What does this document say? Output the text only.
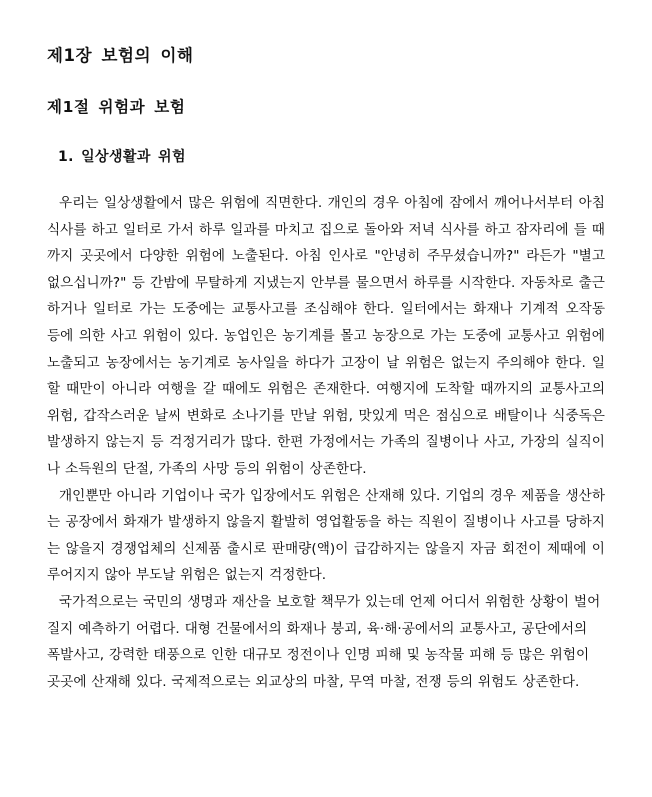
제1장 보험의 이해
제1절 위험과 보험
1. 일상생활과 위험

우리는 일상생활에서 많은 위험에 직면한다. 개인의 경우 아침에 잠에서 깨어나서부터 아침 식사를 하고 일터로 가서 하루 일과를 마치고 집으로 돌아와 저녁 식사를 하고 잠자리에 들 때까지 곳곳에서 다양한 위험에 노출된다. 아침 인사로 "안녕히 주무셨습니까?" 라든가 "별고 없으십니까?" 등 간밤에 무탈하게 지냈는지 안부를 물으면서 하루를 시작한다. 자동차로 출근하거나 일터로 가는 도중에는 교통사고를 조심해야 한다. 일터에서는 화재나 기계적 오작동 등에 의한 사고 위험이 있다. 농업인은 농기계를 몰고 농장으로 가는 도중에 교통사고 위험에 노출되고 농장에서는 농기계로 농사일을 하다가 고장이 날 위험은 없는지 주의해야 한다. 일할 때만이 아니라 여행을 갈 때에도 위험은 존재한다. 여행지에 도착할 때까지의 교통사고의 위험, 갑작스러운 날씨 변화로 소나기를 만날 위험, 맛있게 먹은 점심으로 배탈이나 식중독은 발생하지 않는지 등 걱정거리가 많다. 한편 가정에서는 가족의 질병이나 사고, 가장의 실직이나 소득원의 단절, 가족의 사망 등의 위험이 상존한다.

개인뿐만 아니라 기업이나 국가 입장에서도 위험은 산재해 있다. 기업의 경우 제품을 생산하는 공장에서 화재가 발생하지 않을지 활발히 영업활동을 하는 직원이 질병이나 사고를 당하지는 않을지 경쟁업체의 신제품 출시로 판매량(액)이 급감하지는 않을지 자금 회전이 제때에 이루어지지 않아 부도날 위험은 없는지 걱정한다.

국가적으로는 국민의 생명과 재산을 보호할 책무가 있는데 언제 어디서 위험한 상황이 벌어질지 예측하기 어렵다. 대형 건물에서의 화재나 붕괴, 육·해·공에서의 교통사고, 공단에서의 폭발사고, 강력한 태풍으로 인한 대규모 정전이나 인명 피해 및 농작물 피해 등 많은 위험이 곳곳에 산재해 있다. 국제적으로는 외교상의 마찰, 무역 마찰, 전쟁 등의 위험도 상존한다.
